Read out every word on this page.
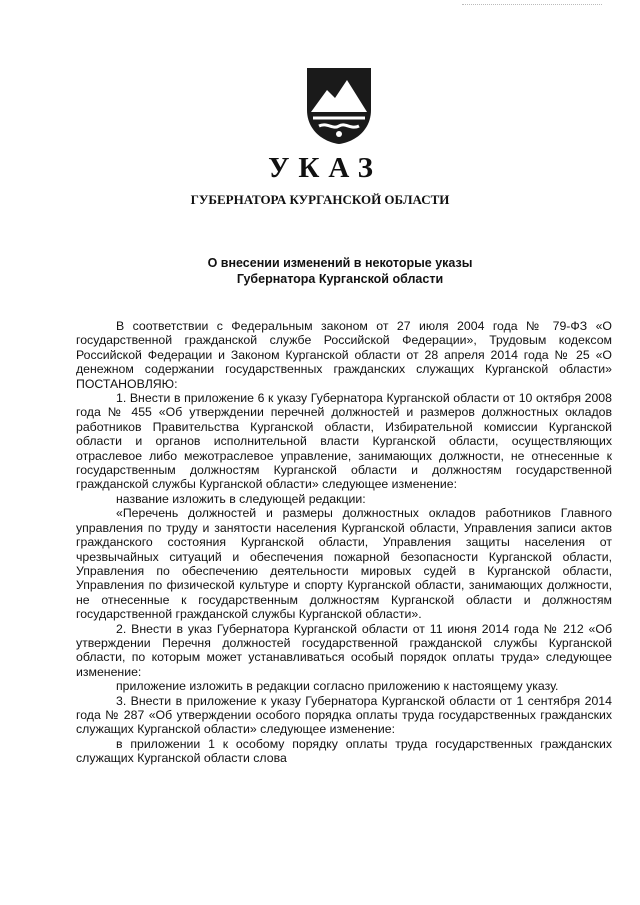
УКАЗ
ГУБЕРНАТОРА КУРГАНСКОЙ ОБЛАСТИ
О внесении изменений в некоторые указы
Губернатора Курганской области

В соответствии с Федеральным законом от 27 июля 2004 года № 79-ФЗ «О государственной гражданской службе Российской Федерации», Трудовым кодексом Российской Федерации и Законом Курганской области от 28 апреля 2014 года № 25 «О денежном содержании государственных гражданских служащих Курганской области» ПОСТАНОВЛЯЮ:

1. Внести в приложение 6 к указу Губернатора Курганской области от 10 октября 2008 года № 455 «Об утверждении перечней должностей и размеров должностных окладов работников Правительства Курганской области, Избирательной комиссии Курганской области и органов исполнительной власти Курганской области, осуществляющих отраслевое либо межотраслевое управление, занимающих должности, не отнесенные к государственным должностям Курганской области и должностям государственной гражданской службы Курганской области» следующее изменение:

название изложить в следующей редакции:

«Перечень должностей и размеры должностных окладов работников Главного управления по труду и занятости населения Курганской области, Управления записи актов гражданского состояния Курганской области, Управления защиты населения от чрезвычайных ситуаций и обеспечения пожарной безопасности Курганской области, Управления по обеспечению деятельности мировых судей в Курганской области, Управления по физической культуре и спорту Курганской области, занимающих должности, не отнесенные к государственным должностям Курганской области и должностям государственной гражданской службы Курганской области».

2. Внести в указ Губернатора Курганской области от 11 июня 2014 года № 212 «Об утверждении Перечня должностей государственной гражданской службы Курганской области, по которым может устанавливаться особый порядок оплаты труда» следующее изменение:

приложение изложить в редакции согласно приложению к настоящему указу.

3. Внести в приложение к указу Губернатора Курганской области от 1 сентября 2014 года № 287 «Об утверждении особого порядка оплаты труда государственных гражданских служащих Курганской области» следующее изменение:

в приложении 1 к особому порядку оплаты труда государственных гражданских служащих Курганской области слова
